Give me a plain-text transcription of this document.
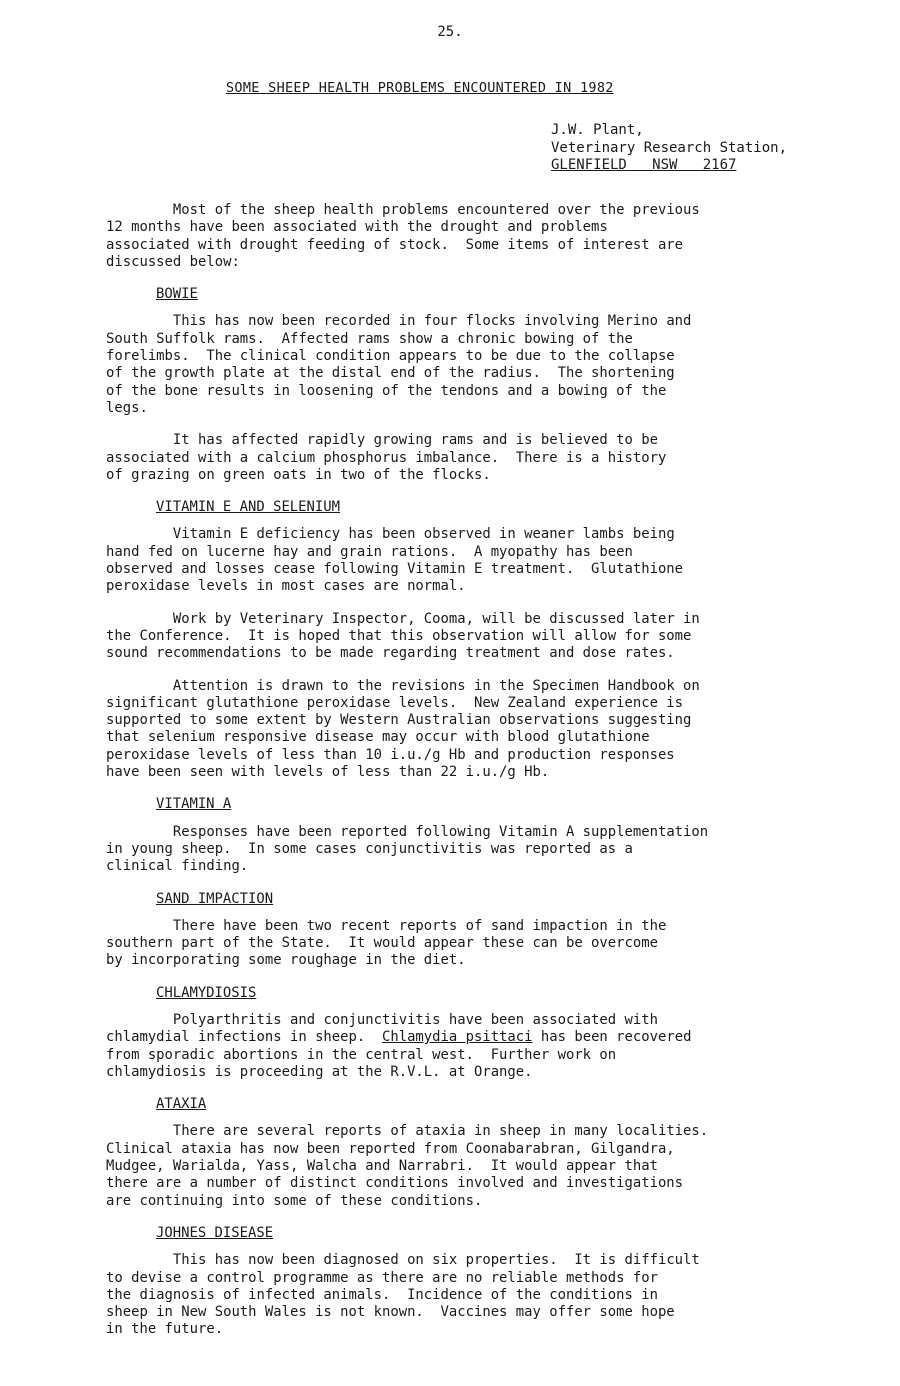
25.
SOME SHEEP HEALTH PROBLEMS ENCOUNTERED IN 1982
J.W. Plant,
Veterinary Research Station,
GLENFIELD   NSW   2167

Most of the sheep health problems encountered over the previous
12 months have been associated with the drought and problems
associated with drought feeding of stock.  Some items of interest are
discussed below:

BOWIE

This has now been recorded in four flocks involving Merino and
South Suffolk rams.  Affected rams show a chronic bowing of the
forelimbs.  The clinical condition appears to be due to the collapse
of the growth plate at the distal end of the radius.  The shortening
of the bone results in loosening of the tendons and a bowing of the
legs.

It has affected rapidly growing rams and is believed to be
associated with a calcium phosphorus imbalance.  There is a history
of grazing on green oats in two of the flocks.

VITAMIN E AND SELENIUM

Vitamin E deficiency has been observed in weaner lambs being
hand fed on lucerne hay and grain rations.  A myopathy has been
observed and losses cease following Vitamin E treatment.  Glutathione
peroxidase levels in most cases are normal.

Work by Veterinary Inspector, Cooma, will be discussed later in
the Conference.  It is hoped that this observation will allow for some
sound recommendations to be made regarding treatment and dose rates.

Attention is drawn to the revisions in the Specimen Handbook on
significant glutathione peroxidase levels.  New Zealand experience is
supported to some extent by Western Australian observations suggesting
that selenium responsive disease may occur with blood glutathione
peroxidase levels of less than 10 i.u./g Hb and production responses
have been seen with levels of less than 22 i.u./g Hb.

VITAMIN A

Responses have been reported following Vitamin A supplementation
in young sheep.  In some cases conjunctivitis was reported as a
clinical finding.

SAND IMPACTION

There have been two recent reports of sand impaction in the
southern part of the State.  It would appear these can be overcome
by incorporating some roughage in the diet.

CHLAMYDIOSIS

Polyarthritis and conjunctivitis have been associated with
chlamydial infections in sheep.  Chlamydia psittaci has been recovered
from sporadic abortions in the central west.  Further work on
chlamydiosis is proceeding at the R.V.L. at Orange.

ATAXIA

There are several reports of ataxia in sheep in many localities.
Clinical ataxia has now been reported from Coonabarabran, Gilgandra,
Mudgee, Warialda, Yass, Walcha and Narrabri.  It would appear that
there are a number of distinct conditions involved and investigations
are continuing into some of these conditions.

JOHNES DISEASE

This has now been diagnosed on six properties.  It is difficult
to devise a control programme as there are no reliable methods for
the diagnosis of infected animals.  Incidence of the conditions in
sheep in New South Wales is not known.  Vaccines may offer some hope
in the future.
